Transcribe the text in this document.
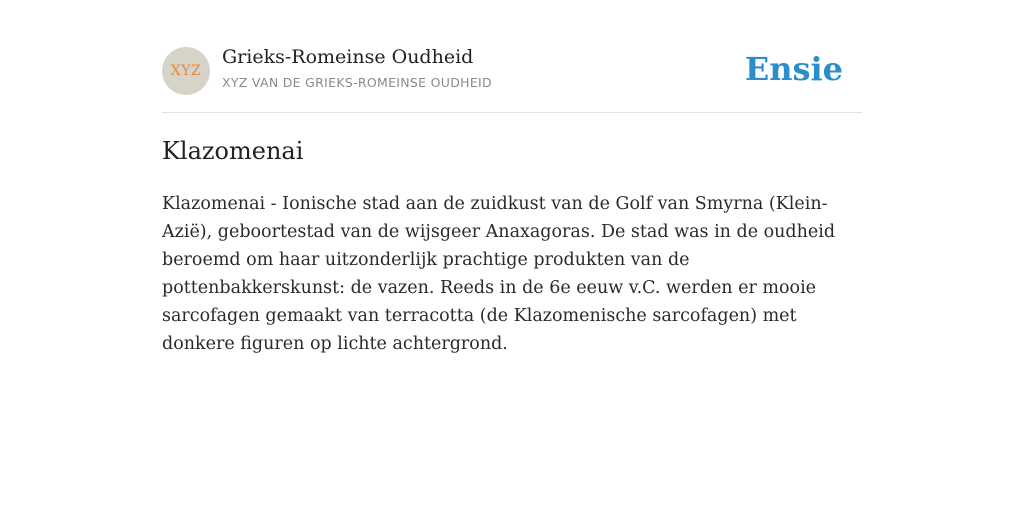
XYZ
Grieks-Romeinse Oudheid
XYZ VAN DE GRIEKS-ROMEINSE OUDHEID	Ensie
Klazomenai

Klazomenai - Ionische stad aan de zuidkust van de Golf van Smyrna (Klein-Azië), geboortestad van de wijsgeer Anaxagoras. De stad was in de oudheid beroemd om haar uitzonderlijk prachtige produkten van de pottenbakkerskunst: de vazen. Reeds in de 6e eeuw v.C. werden er mooie sarcofagen gemaakt van terracotta (de Klazomenische sarcofagen) met donkere figuren op lichte achtergrond.
